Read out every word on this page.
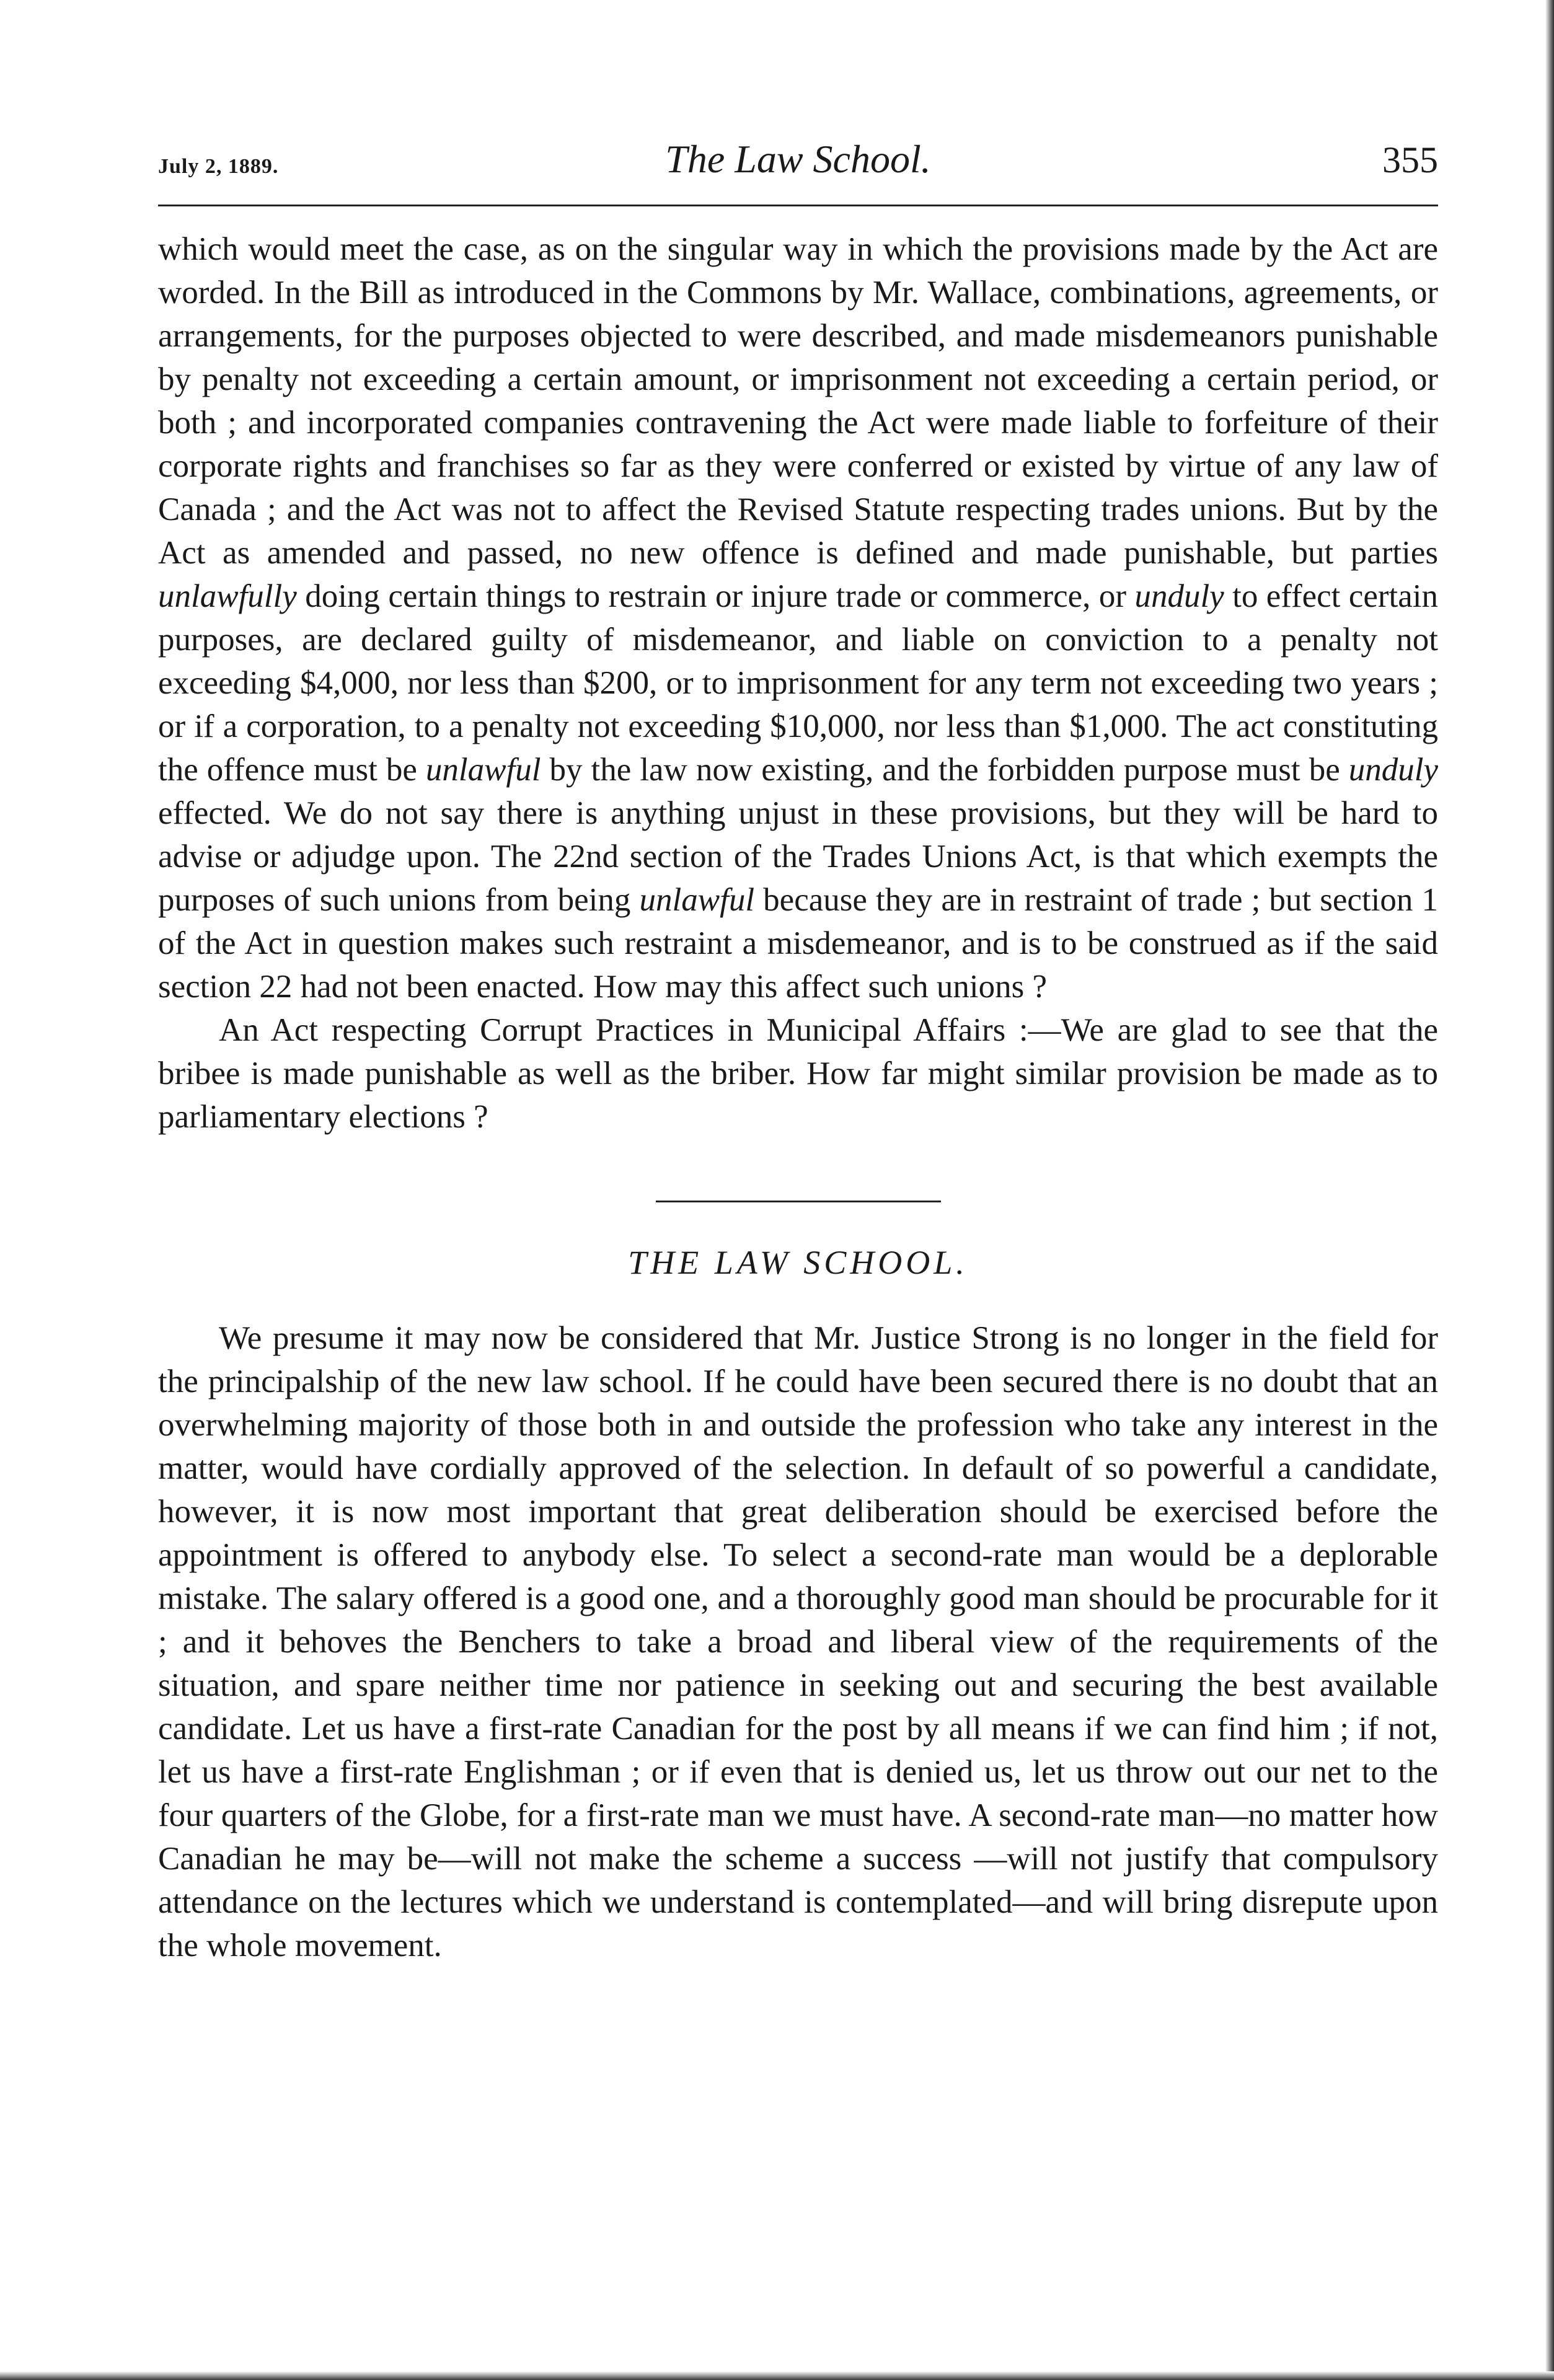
July 2, 1889.	The Law School.	355

which would meet the case, as on the singular way in which the provisions made by the Act are worded. In the Bill as introduced in the Commons by Mr. Wallace, combinations, agreements, or arrangements, for the purposes objected to were described, and made misdemeanors punishable by penalty not exceeding a certain amount, or imprisonment not exceeding a certain period, or both ; and incorporated companies contravening the Act were made liable to forfeiture of their corporate rights and franchises so far as they were conferred or existed by virtue of any law of Canada ; and the Act was not to affect the Revised Statute respecting trades unions. But by the Act as amended and passed, no new offence is defined and made punishable, but parties unlawfully doing certain things to restrain or injure trade or commerce, or unduly to effect certain purposes, are declared guilty of misdemeanor, and liable on conviction to a penalty not exceeding $4,000, nor less than $200, or to imprisonment for any term not exceeding two years ; or if a corporation, to a penalty not exceeding $10,000, nor less than $1,000. The act constituting the offence must be unlawful by the law now existing, and the forbidden purpose must be unduly effected. We do not say there is anything unjust in these provisions, but they will be hard to advise or adjudge upon. The 22nd section of the Trades Unions Act, is that which exempts the purposes of such unions from being unlawful because they are in restraint of trade ; but section 1 of the Act in question makes such restraint a misdemeanor, and is to be construed as if the said section 22 had not been enacted. How may this affect such unions ?

An Act respecting Corrupt Practices in Municipal Affairs :—We are glad to see that the bribee is made punishable as well as the briber. How far might similar provision be made as to parliamentary elections ?

THE LAW SCHOOL.

We presume it may now be considered that Mr. Justice Strong is no longer in the field for the principalship of the new law school. If he could have been secured there is no doubt that an overwhelming majority of those both in and outside the profession who take any interest in the matter, would have cordially approved of the selection. In default of so powerful a candidate, however, it is now most important that great deliberation should be exercised before the appointment is offered to anybody else. To select a second-rate man would be a deplorable mistake. The salary offered is a good one, and a thoroughly good man should be procurable for it ; and it behoves the Benchers to take a broad and liberal view of the requirements of the situation, and spare neither time nor patience in seeking out and securing the best available candidate. Let us have a first-rate Canadian for the post by all means if we can find him ; if not, let us have a first-rate Englishman ; or if even that is denied us, let us throw out our net to the four quarters of the Globe, for a first-rate man we must have. A second-rate man—no matter how Canadian he may be—will not make the scheme a success —will not justify that compulsory attendance on the lectures which we understand is contemplated—and will bring disrepute upon the whole movement.
